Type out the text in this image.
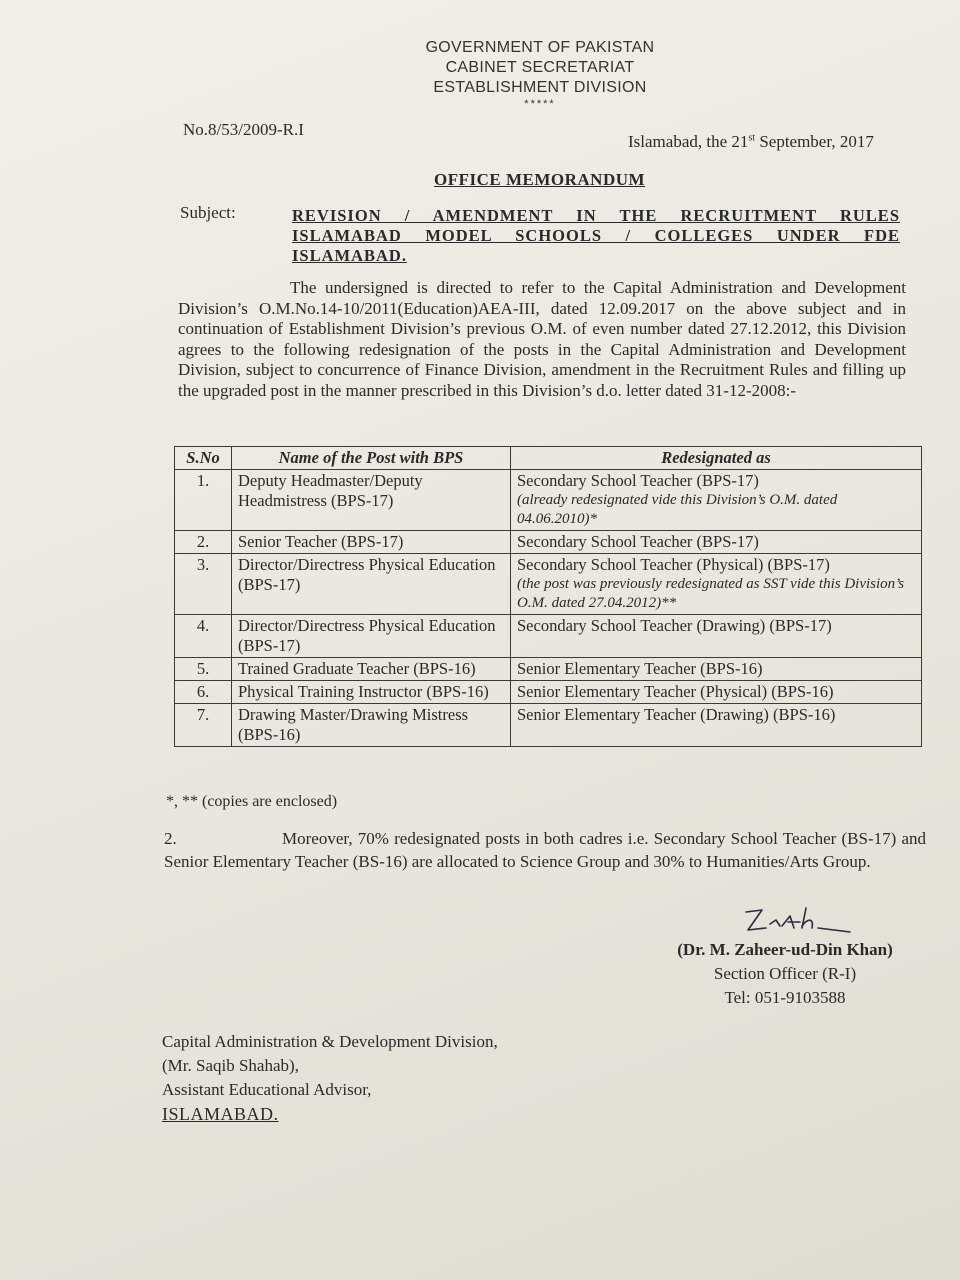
GOVERNMENT OF PAKISTAN
CABINET SECRETARIAT
ESTABLISHMENT DIVISION
*****
No.8/53/2009-R.I
Islamabad, the 21st September, 2017
OFFICE MEMORANDUM
Subject:	REVISION / AMENDMENT IN THE RECRUITMENT RULES
ISLAMABAD MODEL SCHOOLS / COLLEGES UNDER FDE
ISLAMABAD.
The undersigned is directed to refer to the Capital Administration and Development Division’s O.M.No.14-10/2011(Education)AEA-III, dated 12.09.2017 on the above subject and in continuation of Establishment Division’s previous O.M. of even number dated 27.12.2012, this Division agrees to the following redesignation of the posts in the Capital Administration and Development Division, subject to concurrence of Finance Division, amendment in the Recruitment Rules and filling up the upgraded post in the manner prescribed in this Division’s d.o. letter dated 31-12-2008:-
S.No	Name of the Post with BPS	Redesignated as
1.	Deputy Headmaster/Deputy Headmistress (BPS-17)	Secondary School Teacher (BPS-17)
(already redesignated vide this Division’s O.M. dated 04.06.2010)*

2.	Senior Teacher (BPS-17)	Secondary School Teacher (BPS-17)
3.	Director/Directress Physical Education (BPS-17)	Secondary School Teacher (Physical) (BPS-17)
(the post was previously redesignated as SST vide this Division’s O.M. dated 27.04.2012)**

4.	Director/Directress Physical Education (BPS-17)	Secondary School Teacher (Drawing) (BPS-17)
5.	Trained Graduate Teacher (BPS-16)	Senior Elementary Teacher (BPS-16)
6.	Physical Training Instructor (BPS-16)	Senior Elementary Teacher (Physical) (BPS-16)
7.	Drawing Master/Drawing Mistress (BPS-16)	Senior Elementary Teacher (Drawing) (BPS-16)
*, ** (copies are enclosed)
2.	Moreover, 70% redesignated posts in both cadres i.e. Secondary School Teacher (BS-17) and Senior Elementary Teacher (BS-16) are allocated to Science Group and 30% to Humanities/Arts Group.
(Dr. M. Zaheer-ud-Din Khan)
Section Officer (R-I)
Tel: 051-9103588
Capital Administration & Development Division,
(Mr. Saqib Shahab),
Assistant Educational Advisor,
ISLAMABAD.
